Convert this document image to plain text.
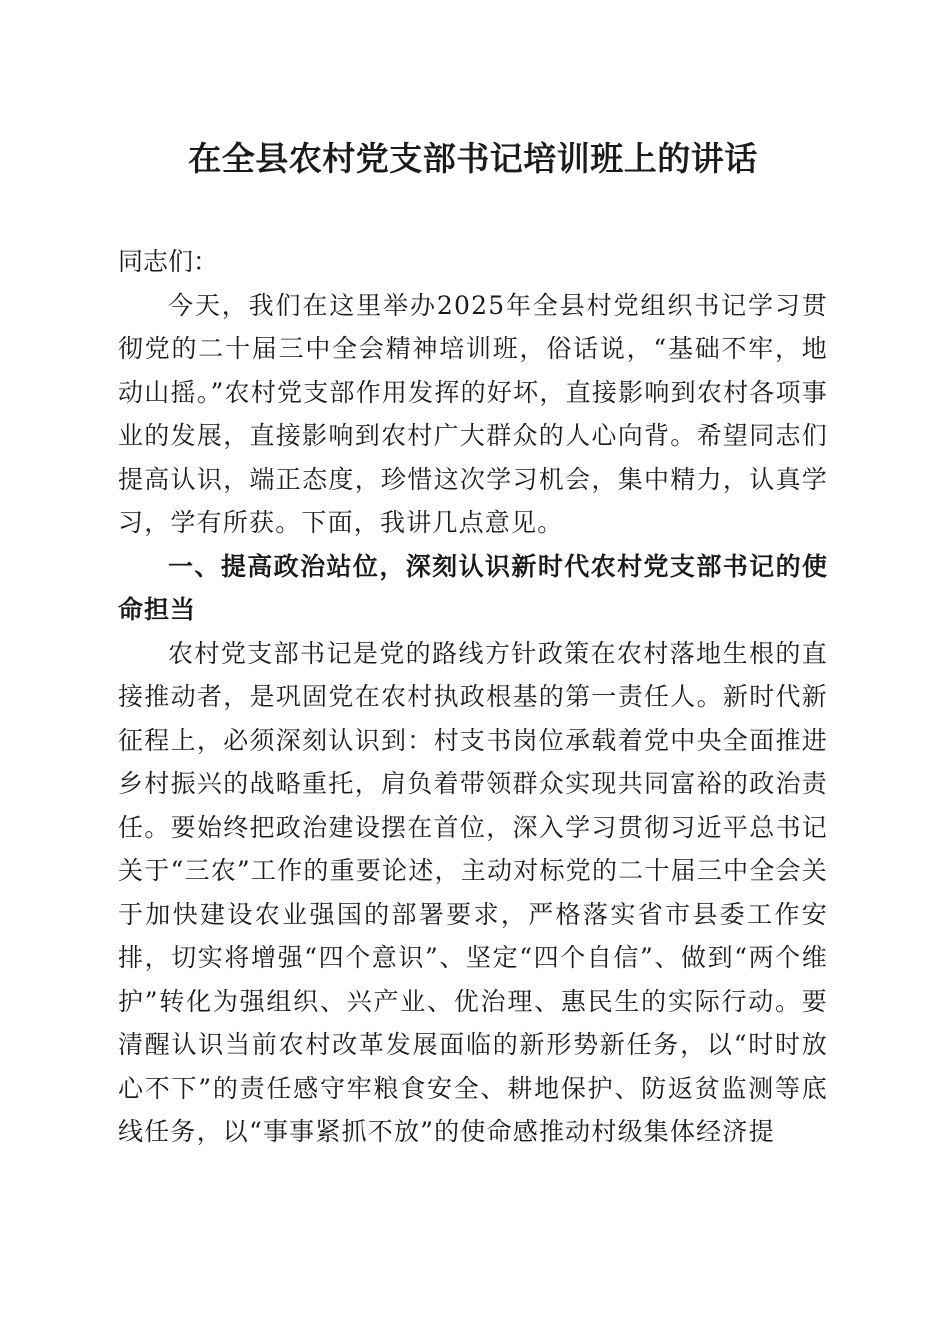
在全县农村党支部书记培训班上的讲话

同志们：

今天，我们在这里举办2025年全县村党组织书记学习贯彻党的二十届三中全会精神培训班，俗话说，“基础不牢，地动山摇。”农村党支部作用发挥的好坏，直接影响到农村各项事业的发展，直接影响到农村广大群众的人心向背。希望同志们提高认识，端正态度，珍惜这次学习机会，集中精力，认真学习，学有所获。下面，我讲几点意见。

一、提高政治站位，深刻认识新时代农村党支部书记的使命担当

农村党支部书记是党的路线方针政策在农村落地生根的直接推动者，是巩固党在农村执政根基的第一责任人。新时代新征程上，必须深刻认识到：村支书岗位承载着党中央全面推进乡村振兴的战略重托，肩负着带领群众实现共同富裕的政治责任。要始终把政治建设摆在首位，深入学习贯彻习近平总书记关于“三农”工作的重要论述，主动对标党的二十届三中全会关于加快建设农业强国的部署要求，严格落实省市县委工作安排，切实将增强“四个意识”、坚定“四个自信”、做到“两个维护”转化为强组织、兴产业、优治理、惠民生的实际行动。要清醒认识当前农村改革发展面临的新形势新任务，以“时时放心不下”的责任感守牢粮食安全、耕地保护、防返贫监测等底线任务，以“事事紧抓不放”的使命感推动村级集体经济提
